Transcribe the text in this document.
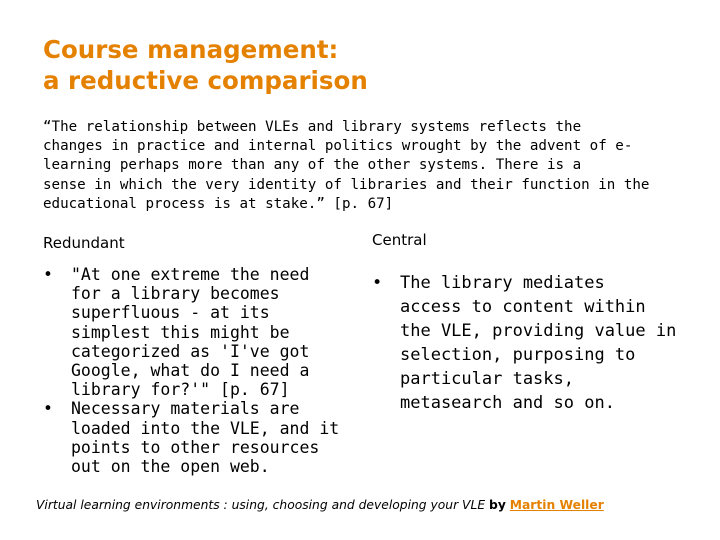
Course management:
a reductive comparison
“The relationship between VLEs and library systems reflects the
changes in practice and internal politics wrought by the advent of e-
learning perhaps more than any of the other systems. There is a
sense in which the very identity of libraries and their function in the
educational process is at stake.” [p. 67]
Redundant	Central
• "At one extreme the need
for a library becomes
superfluous - at its
simplest this might be
categorized as 'I've got
Google, what do I need a
library for?'" [p. 67]
• Necessary materials are
loaded into the VLE, and it
points to other resources
out on the open web.
• The library mediates
access to content within
the VLE, providing value in
selection, purposing to
particular tasks,
metasearch and so on.
Virtual learning environments : using, choosing and developing your VLE by Martin Weller
